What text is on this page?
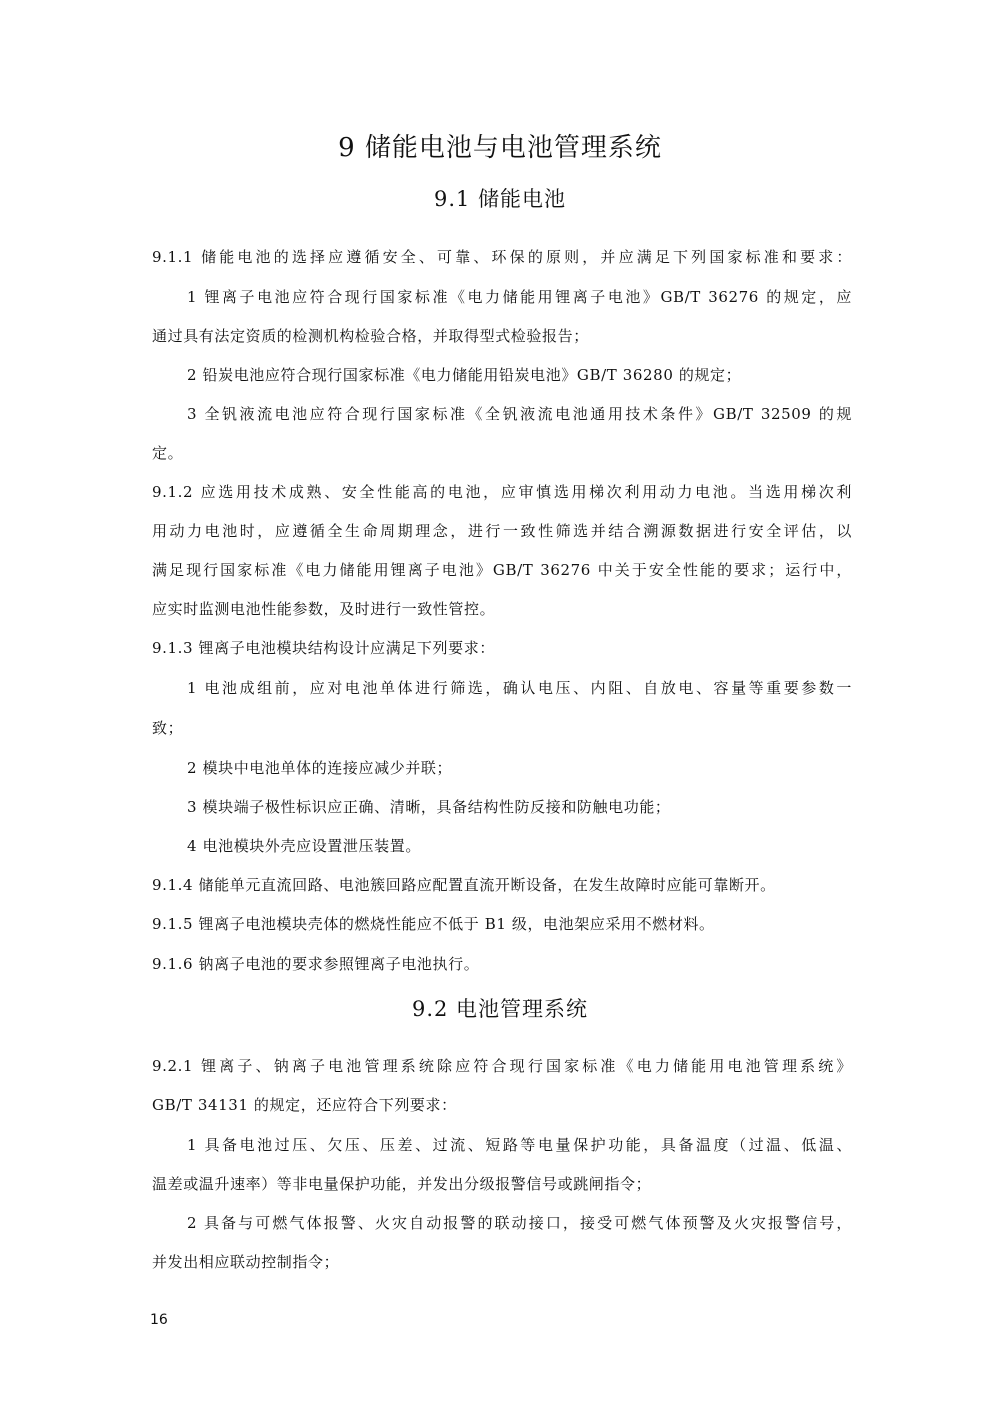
9 储能电池与电池管理系统
9.1 储能电池
9.1.1 储能电池的选择应遵循安全、可靠、环保的原则，并应满足下列国家标准和要求：
1 锂离子电池应符合现行国家标准《电力储能用锂离子电池》GB/T 36276 的规定，应
通过具有法定资质的检测机构检验合格，并取得型式检验报告；
2 铅炭电池应符合现行国家标准《电力储能用铅炭电池》GB/T 36280 的规定；
3 全钒液流电池应符合现行国家标准《全钒液流电池通用技术条件》GB/T 32509 的规
定。
9.1.2 应选用技术成熟、安全性能高的电池，应审慎选用梯次利用动力电池。当选用梯次利
用动力电池时，应遵循全生命周期理念，进行一致性筛选并结合溯源数据进行安全评估，以
满足现行国家标准《电力储能用锂离子电池》GB/T 36276 中关于安全性能的要求；运行中，
应实时监测电池性能参数，及时进行一致性管控。
9.1.3 锂离子电池模块结构设计应满足下列要求：
1 电池成组前，应对电池单体进行筛选，确认电压、内阻、自放电、容量等重要参数一
致；
2 模块中电池单体的连接应减少并联；
3 模块端子极性标识应正确、清晰，具备结构性防反接和防触电功能；
4 电池模块外壳应设置泄压装置。
9.1.4 储能单元直流回路、电池簇回路应配置直流开断设备，在发生故障时应能可靠断开。
9.1.5 锂离子电池模块壳体的燃烧性能应不低于 B1 级，电池架应采用不燃材料。
9.1.6 钠离子电池的要求参照锂离子电池执行。
9.2 电池管理系统
9.2.1 锂离子、钠离子电池管理系统除应符合现行国家标准《电力储能用电池管理系统》
GB/T 34131 的规定，还应符合下列要求：
1 具备电池过压、欠压、压差、过流、短路等电量保护功能，具备温度（过温、低温、
温差或温升速率）等非电量保护功能，并发出分级报警信号或跳闸指令；
2 具备与可燃气体报警、火灾自动报警的联动接口，接受可燃气体预警及火灾报警信号，
并发出相应联动控制指令；
16
